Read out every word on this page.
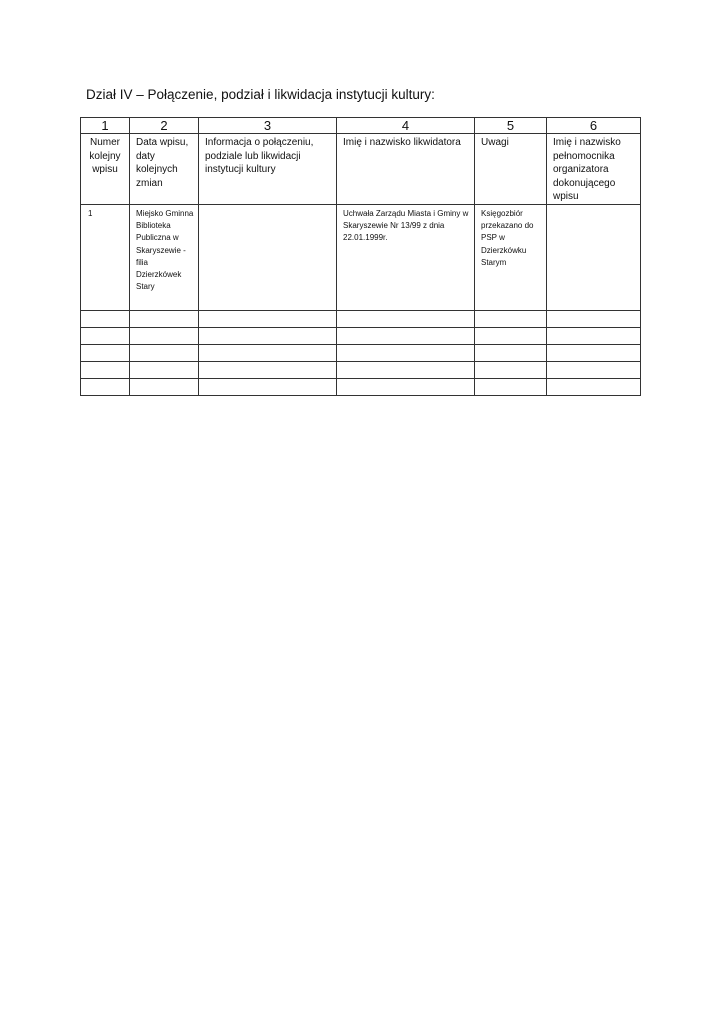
Dział IV – Połączenie, podział i likwidacja instytucji kultury:
1	2	3	4	5	6

Numer kolejny wpisu	Data wpisu, daty kolejnych zmian	Informacja o połączeniu, podziale lub likwidacji instytucji kultury	Imię i nazwisko likwidatora	Uwagi	Imię i nazwisko pełnomocnika organizatora dokonującego wpisu

1	Miejsko Gminna Biblioteka Publiczna w Skaryszewie - filia Dzierzkówek Stary		Uchwała Zarządu Miasta i Gminy w Skaryszewie Nr 13/99 z dnia 22.01.1999r.	Księgozbiór przekazano do PSP w Dzierzkówku Starym	
